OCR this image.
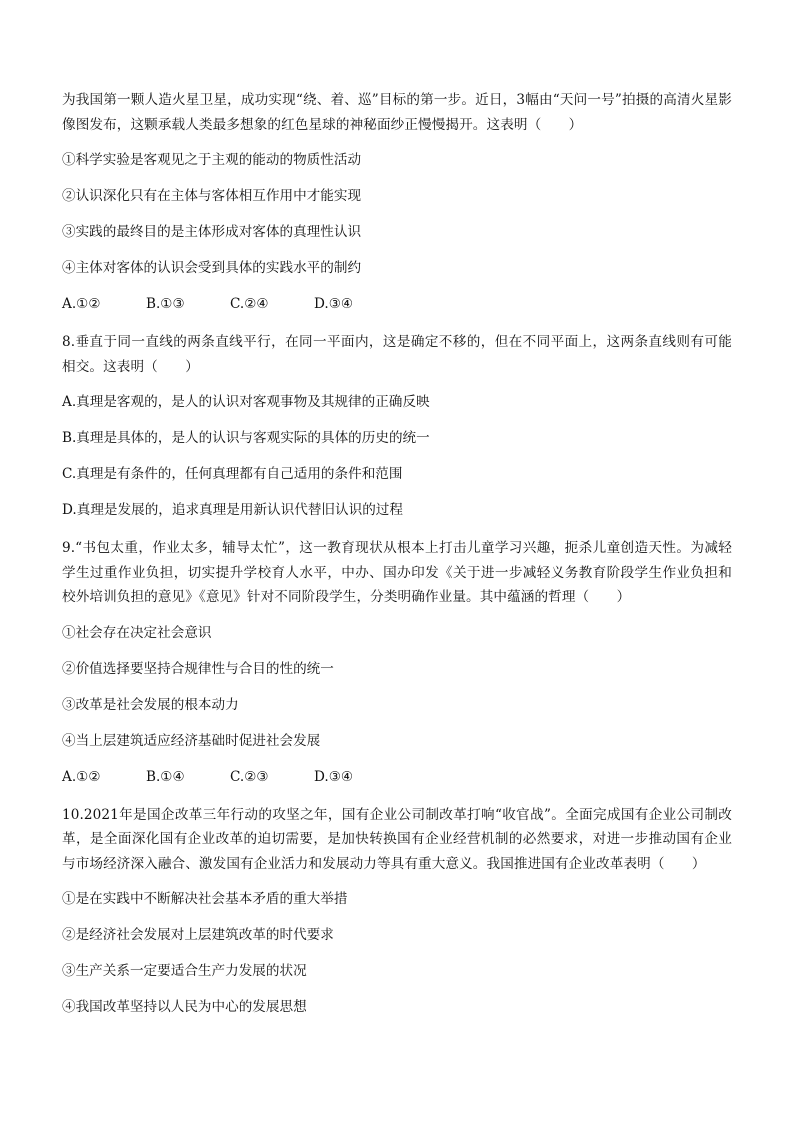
为我国第一颗人造火星卫星，成功实现“绕、着、巡”目标的第一步。近日，3幅由“天问一号”拍摄的高清火星影像图发布，这颗承载人类最多想象的红色星球的神秘面纱正慢慢揭开。这表明（　　）

①科学实验是客观见之于主观的能动的物质性活动

②认识深化只有在主体与客体相互作用中才能实现

③实践的最终目的是主体形成对客体的真理性认识

④主体对客体的认识会受到具体的实践水平的制约

A.①②	B.①③	C.②④	D.③④

8.垂直于同一直线的两条直线平行，在同一平面内，这是确定不移的，但在不同平面上，这两条直线则有可能相交。这表明（　　）

A.真理是客观的，是人的认识对客观事物及其规律的正确反映

B.真理是具体的，是人的认识与客观实际的具体的历史的统一

C.真理是有条件的，任何真理都有自己适用的条件和范围

D.真理是发展的，追求真理是用新认识代替旧认识的过程

9.“书包太重，作业太多，辅导太忙”，这一教育现状从根本上打击儿童学习兴趣，扼杀儿童创造天性。为减轻学生过重作业负担，切实提升学校育人水平，中办、国办印发《关于进一步减轻义务教育阶段学生作业负担和校外培训负担的意见》《意见》针对不同阶段学生，分类明确作业量。其中蕴涵的哲理（　　）

①社会存在决定社会意识

②价值选择要坚持合规律性与合目的性的统一

③改革是社会发展的根本动力

④当上层建筑适应经济基础时促进社会发展

A.①②	B.①④	C.②③	D.③④

10.2021年是国企改革三年行动的攻坚之年，国有企业公司制改革打响“收官战”。全面完成国有企业公司制改革，是全面深化国有企业改革的迫切需要，是加快转换国有企业经营机制的必然要求，对进一步推动国有企业与市场经济深入融合、激发国有企业活力和发展动力等具有重大意义。我国推进国有企业改革表明（　　）

①是在实践中不断解决社会基本矛盾的重大举措

②是经济社会发展对上层建筑改革的时代要求

③生产关系一定要适合生产力发展的状况

④我国改革坚持以人民为中心的发展思想
